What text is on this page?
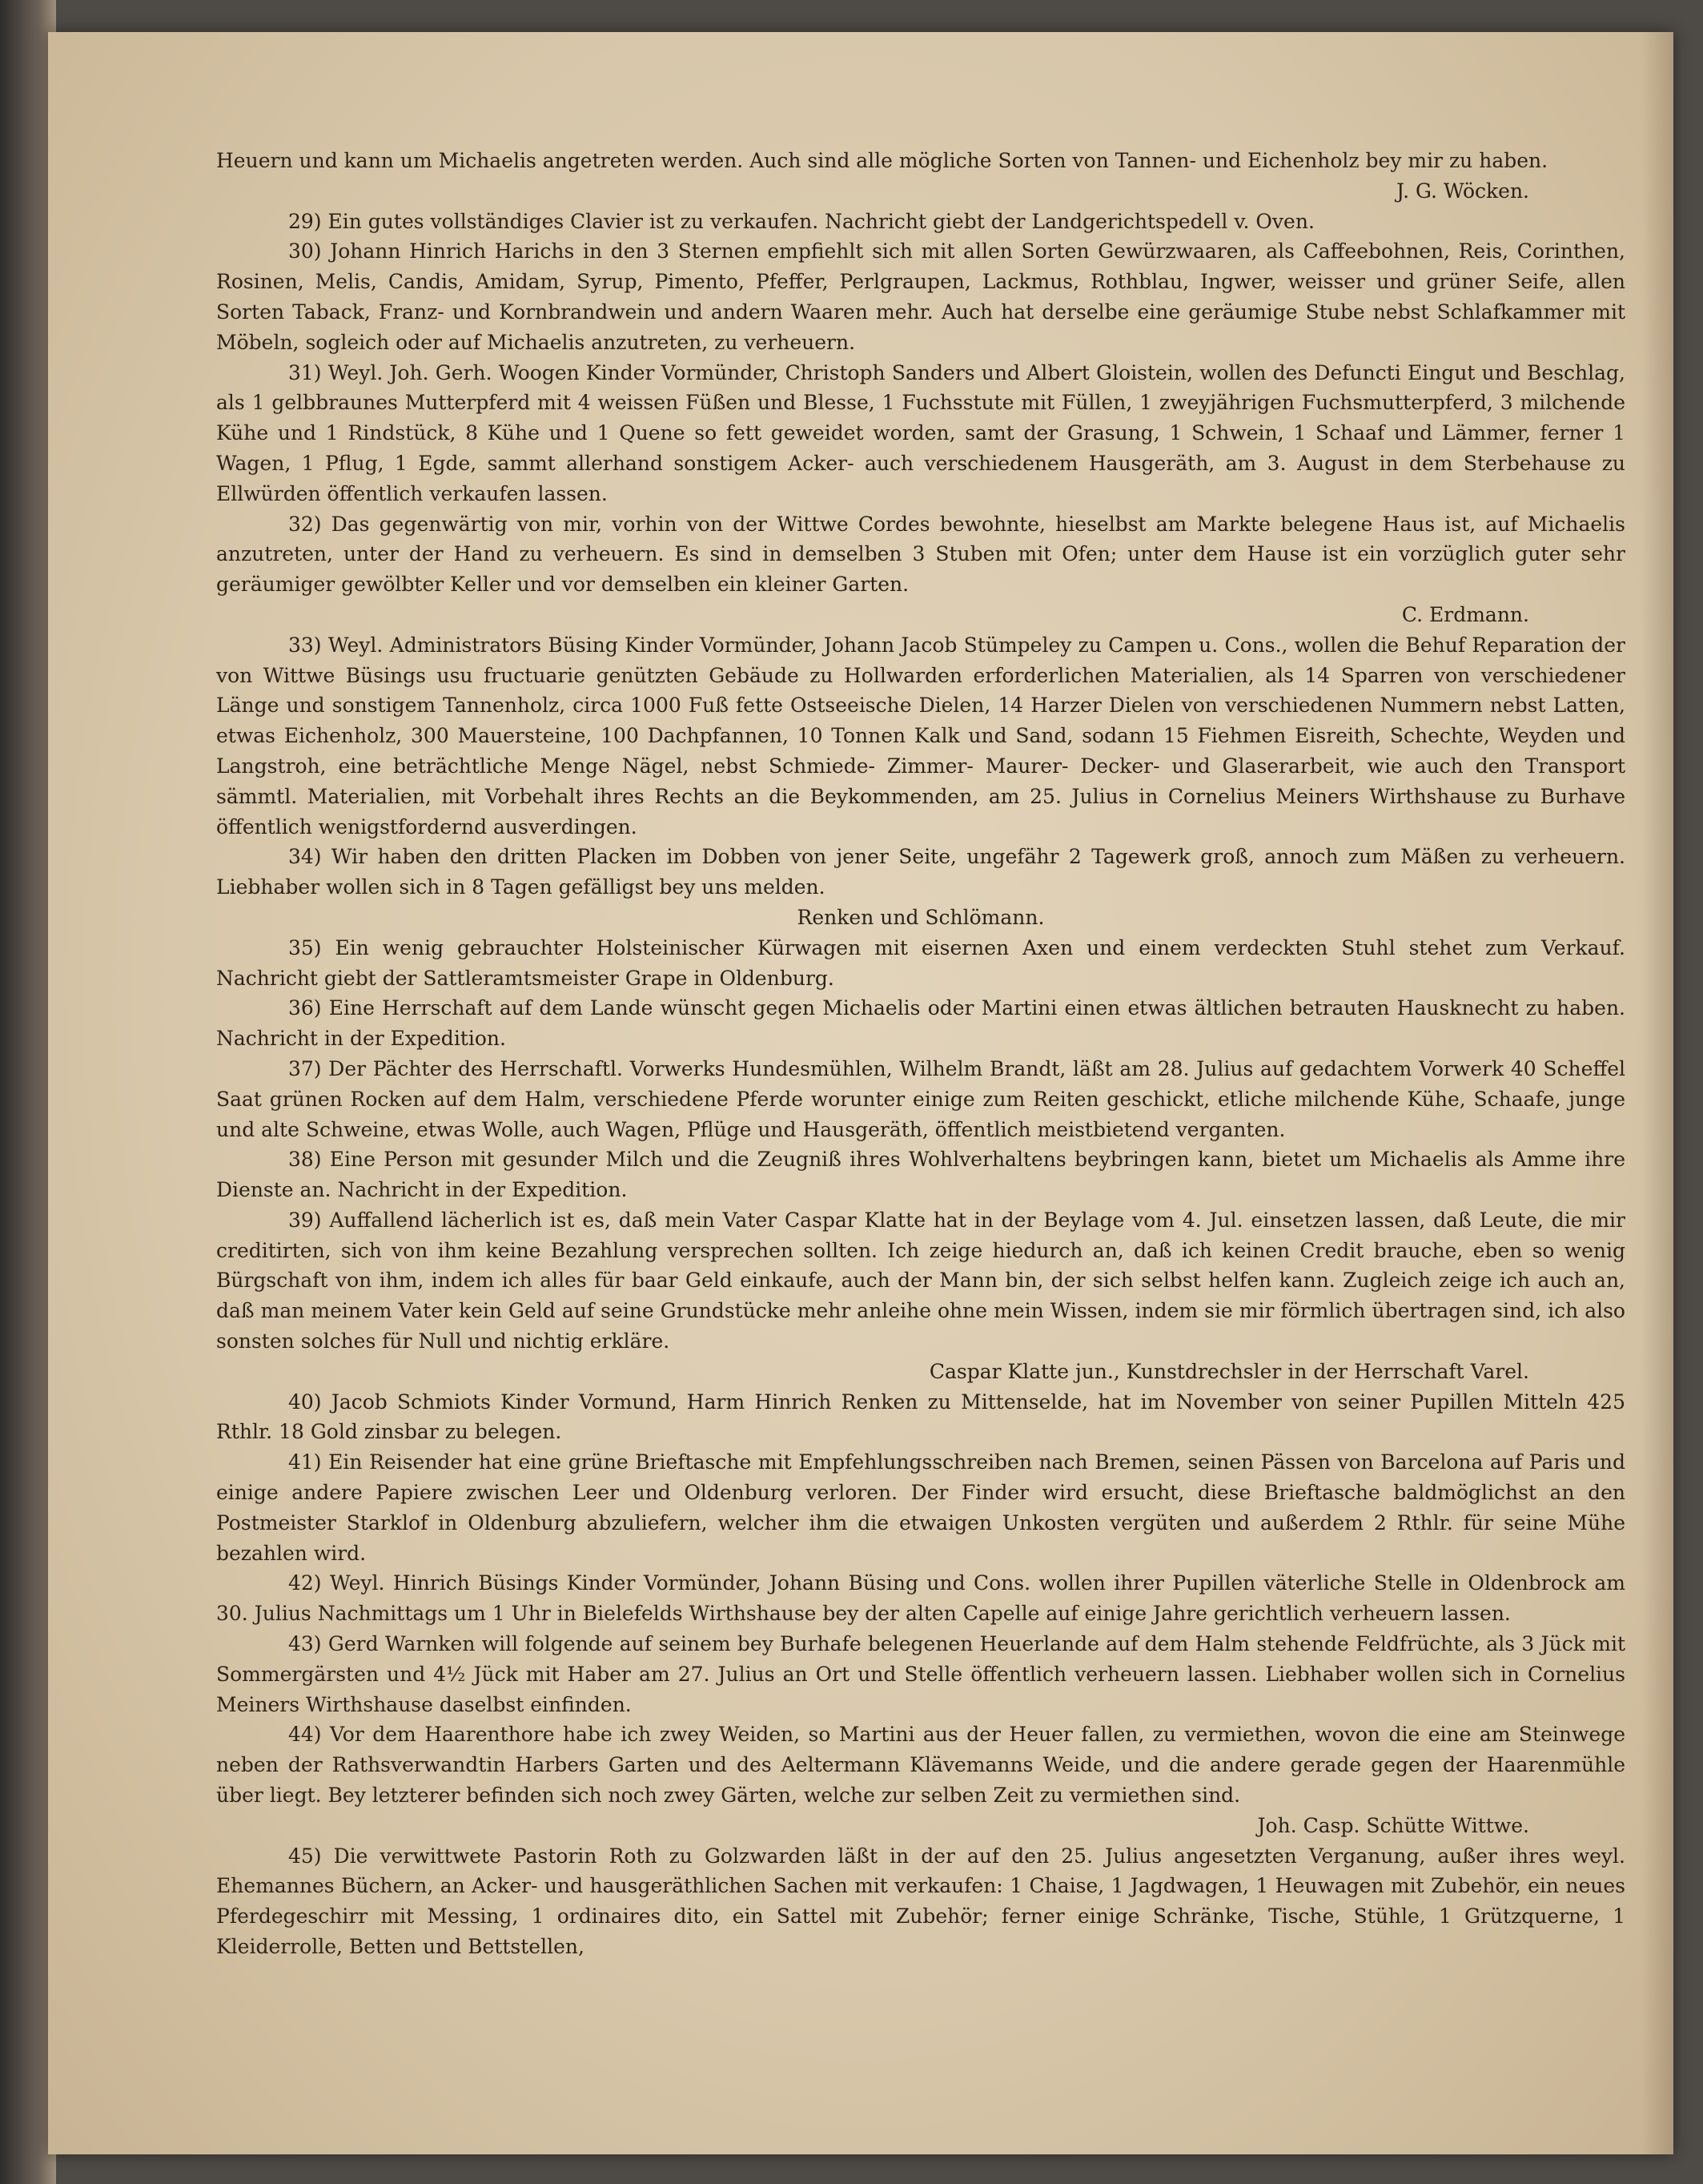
Heuern und kann um Michaelis angetreten werden. Auch sind alle mögliche Sorten von Tannen- und Eichenholz bey mir zu haben.

J. G. Wöcken.

29) Ein gutes vollständiges Clavier ist zu verkaufen. Nachricht giebt der Landgerichtspedell v. Oven.

30) Johann Hinrich Harichs in den 3 Sternen empfiehlt sich mit allen Sorten Gewürzwaaren, als Caffeebohnen, Reis, Corinthen, Rosinen, Melis, Candis, Amidam, Syrup, Pimento, Pfeffer, Perlgraupen, Lackmus, Rothblau, Ingwer, weisser und grüner Seife, allen Sorten Taback, Franz- und Kornbrandwein und andern Waaren mehr. Auch hat derselbe eine geräumige Stube nebst Schlafkammer mit Möbeln, sogleich oder auf Michaelis anzutreten, zu verheuern.

31) Weyl. Joh. Gerh. Woogen Kinder Vormünder, Christoph Sanders und Albert Gloistein, wollen des Defuncti Eingut und Beschlag, als 1 gelbbraunes Mutterpferd mit 4 weissen Füßen und Blesse, 1 Fuchsstute mit Füllen, 1 zweyjährigen Fuchsmutterpferd, 3 milchende Kühe und 1 Rindstück, 8 Kühe und 1 Quene so fett geweidet worden, samt der Grasung, 1 Schwein, 1 Schaaf und Lämmer, ferner 1 Wagen, 1 Pflug, 1 Egde, sammt allerhand sonstigem Acker- auch verschiedenem Hausgeräth, am 3. August in dem Sterbehause zu Ellwürden öffentlich verkaufen lassen.

32) Das gegenwärtig von mir, vorhin von der Wittwe Cordes bewohnte, hieselbst am Markte belegene Haus ist, auf Michaelis anzutreten, unter der Hand zu verheuern. Es sind in demselben 3 Stuben mit Ofen; unter dem Hause ist ein vorzüglich guter sehr geräumiger gewölbter Keller und vor demselben ein kleiner Garten.

C. Erdmann.

33) Weyl. Administrators Büsing Kinder Vormünder, Johann Jacob Stümpeley zu Campen u. Cons., wollen die Behuf Reparation der von Wittwe Büsings usu fructuarie genützten Gebäude zu Hollwarden erforderlichen Materialien, als 14 Sparren von verschiedener Länge und sonstigem Tannenholz, circa 1000 Fuß fette Ostseeische Dielen, 14 Harzer Dielen von verschiedenen Nummern nebst Latten, etwas Eichenholz, 300 Mauersteine, 100 Dachpfannen, 10 Tonnen Kalk und Sand, sodann 15 Fiehmen Eisreith, Schechte, Weyden und Langstroh, eine beträchtliche Menge Nägel, nebst Schmiede- Zimmer- Maurer- Decker- und Glaserarbeit, wie auch den Transport sämmtl. Materialien, mit Vorbehalt ihres Rechts an die Beykommenden, am 25. Julius in Cornelius Meiners Wirthshause zu Burhave öffentlich wenigstfordernd ausverdingen.

34) Wir haben den dritten Placken im Dobben von jener Seite, ungefähr 2 Tagewerk groß, annoch zum Mäßen zu verheuern. Liebhaber wollen sich in 8 Tagen gefälligst bey uns melden.

Renken und Schlömann.

35) Ein wenig gebrauchter Holsteinischer Kürwagen mit eisernen Axen und einem verdeckten Stuhl stehet zum Verkauf. Nachricht giebt der Sattleramtsmeister Grape in Oldenburg.

36) Eine Herrschaft auf dem Lande wünscht gegen Michaelis oder Martini einen etwas ältlichen betrauten Hausknecht zu haben. Nachricht in der Expedition.

37) Der Pächter des Herrschaftl. Vorwerks Hundesmühlen, Wilhelm Brandt, läßt am 28. Julius auf gedachtem Vorwerk 40 Scheffel Saat grünen Rocken auf dem Halm, verschiedene Pferde worunter einige zum Reiten geschickt, etliche milchende Kühe, Schaafe, junge und alte Schweine, etwas Wolle, auch Wagen, Pflüge und Hausgeräth, öffentlich meistbietend verganten.

38) Eine Person mit gesunder Milch und die Zeugniß ihres Wohlverhaltens beybringen kann, bietet um Michaelis als Amme ihre Dienste an. Nachricht in der Expedition.

39) Auffallend lächerlich ist es, daß mein Vater Caspar Klatte hat in der Beylage vom 4. Jul. einsetzen lassen, daß Leute, die mir creditirten, sich von ihm keine Bezahlung versprechen sollten. Ich zeige hiedurch an, daß ich keinen Credit brauche, eben so wenig Bürgschaft von ihm, indem ich alles für baar Geld einkaufe, auch der Mann bin, der sich selbst helfen kann. Zugleich zeige ich auch an, daß man meinem Vater kein Geld auf seine Grundstücke mehr anleihe ohne mein Wissen, indem sie mir förmlich übertragen sind, ich also sonsten solches für Null und nichtig erkläre.

Caspar Klatte jun., Kunstdrechsler in der Herrschaft Varel.

40) Jacob Schmiots Kinder Vormund, Harm Hinrich Renken zu Mittenselde, hat im November von seiner Pupillen Mitteln 425 Rthlr. 18 Gold zinsbar zu belegen.

41) Ein Reisender hat eine grüne Brieftasche mit Empfehlungsschreiben nach Bremen, seinen Pässen von Barcelona auf Paris und einige andere Papiere zwischen Leer und Oldenburg verloren. Der Finder wird ersucht, diese Brieftasche baldmöglichst an den Postmeister Starklof in Oldenburg abzuliefern, welcher ihm die etwaigen Unkosten vergüten und außerdem 2 Rthlr. für seine Mühe bezahlen wird.

42) Weyl. Hinrich Büsings Kinder Vormünder, Johann Büsing und Cons. wollen ihrer Pupillen väterliche Stelle in Oldenbrock am 30. Julius Nachmittags um 1 Uhr in Bielefelds Wirthshause bey der alten Capelle auf einige Jahre gerichtlich verheuern lassen.

43) Gerd Warnken will folgende auf seinem bey Burhafe belegenen Heuerlande auf dem Halm stehende Feldfrüchte, als 3 Jück mit Sommergärsten und 4½ Jück mit Haber am 27. Julius an Ort und Stelle öffentlich verheuern lassen. Liebhaber wollen sich in Cornelius Meiners Wirthshause daselbst einfinden.

44) Vor dem Haarenthore habe ich zwey Weiden, so Martini aus der Heuer fallen, zu vermiethen, wovon die eine am Steinwege neben der Rathsverwandtin Harbers Garten und des Aeltermann Klävemanns Weide, und die andere gerade gegen der Haarenmühle über liegt. Bey letzterer befinden sich noch zwey Gärten, welche zur selben Zeit zu vermiethen sind.

Joh. Casp. Schütte Wittwe.

45) Die verwittwete Pastorin Roth zu Golzwarden läßt in der auf den 25. Julius angesetzten Verganung, außer ihres weyl. Ehemannes Büchern, an Acker- und hausgeräthlichen Sachen mit verkaufen: 1 Chaise, 1 Jagdwagen, 1 Heuwagen mit Zubehör, ein neues Pferdegeschirr mit Messing, 1 ordinaires dito, ein Sattel mit Zubehör; ferner einige Schränke, Tische, Stühle, 1 Grützquerne, 1 Kleiderrolle, Betten und Bettstellen,
